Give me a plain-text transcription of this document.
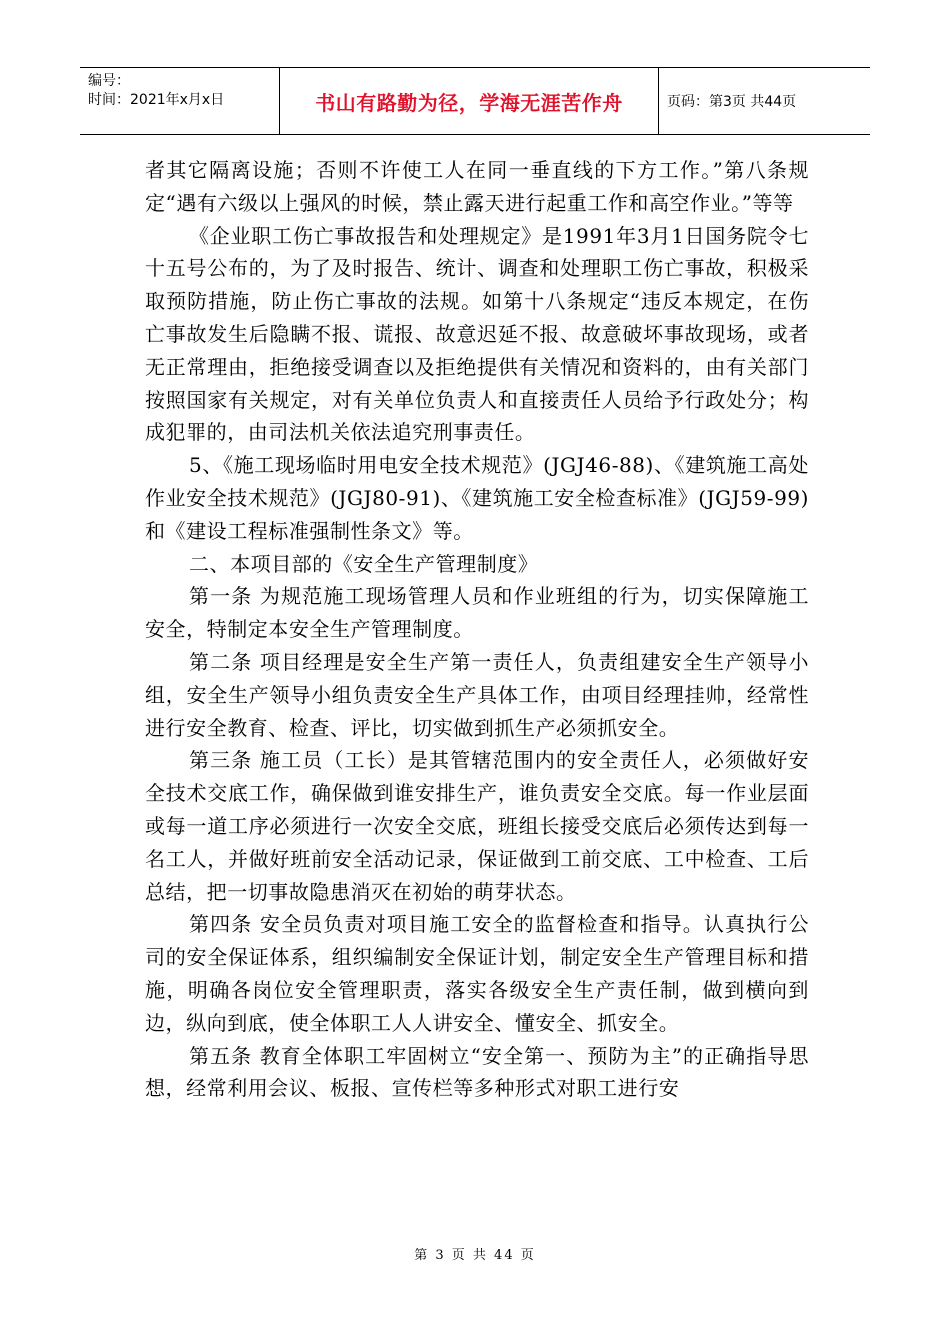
编号：
时间：2021年x月x日	书山有路勤为径，学海无涯苦作舟	页码：第3页 共44页

者其它隔离设施；否则不许使工人在同一垂直线的下方工作。”第八条规定“遇有六级以上强风的时候，禁止露天进行起重工作和高空作业。”等等

《企业职工伤亡事故报告和处理规定》是1991年3月1日国务院令七十五号公布的，为了及时报告、统计、调查和处理职工伤亡事故，积极采取预防措施，防止伤亡事故的法规。如第十八条规定“违反本规定，在伤亡事故发生后隐瞒不报、谎报、故意迟延不报、故意破坏事故现场，或者无正常理由，拒绝接受调查以及拒绝提供有关情况和资料的，由有关部门按照国家有关规定，对有关单位负责人和直接责任人员给予行政处分；构成犯罪的，由司法机关依法追究刑事责任。

5、《施工现场临时用电安全技术规范》(JGJ46-88)、《建筑施工高处作业安全技术规范》(JGJ80-91)、《建筑施工安全检查标准》(JGJ59-99)和《建设工程标准强制性条文》等。

二、本项目部的《安全生产管理制度》

第一条 为规范施工现场管理人员和作业班组的行为，切实保障施工安全，特制定本安全生产管理制度。

第二条 项目经理是安全生产第一责任人，负责组建安全生产领导小组，安全生产领导小组负责安全生产具体工作，由项目经理挂帅，经常性进行安全教育、检查、评比，切实做到抓生产必须抓安全。

第三条 施工员（工长）是其管辖范围内的安全责任人，必须做好安全技术交底工作，确保做到谁安排生产，谁负责安全交底。每一作业层面或每一道工序必须进行一次安全交底，班组长接受交底后必须传达到每一名工人，并做好班前安全活动记录，保证做到工前交底、工中检查、工后总结，把一切事故隐患消灭在初始的萌芽状态。

第四条 安全员负责对项目施工安全的监督检查和指导。认真执行公司的安全保证体系，组织编制安全保证计划，制定安全生产管理目标和措施，明确各岗位安全管理职责，落实各级安全生产责任制，做到横向到边，纵向到底，使全体职工人人讲安全、懂安全、抓安全。

第五条 教育全体职工牢固树立“安全第一、预防为主”的正确指导思想，经常利用会议、板报、宣传栏等多种形式对职工进行安

第 3 页 共 44 页
